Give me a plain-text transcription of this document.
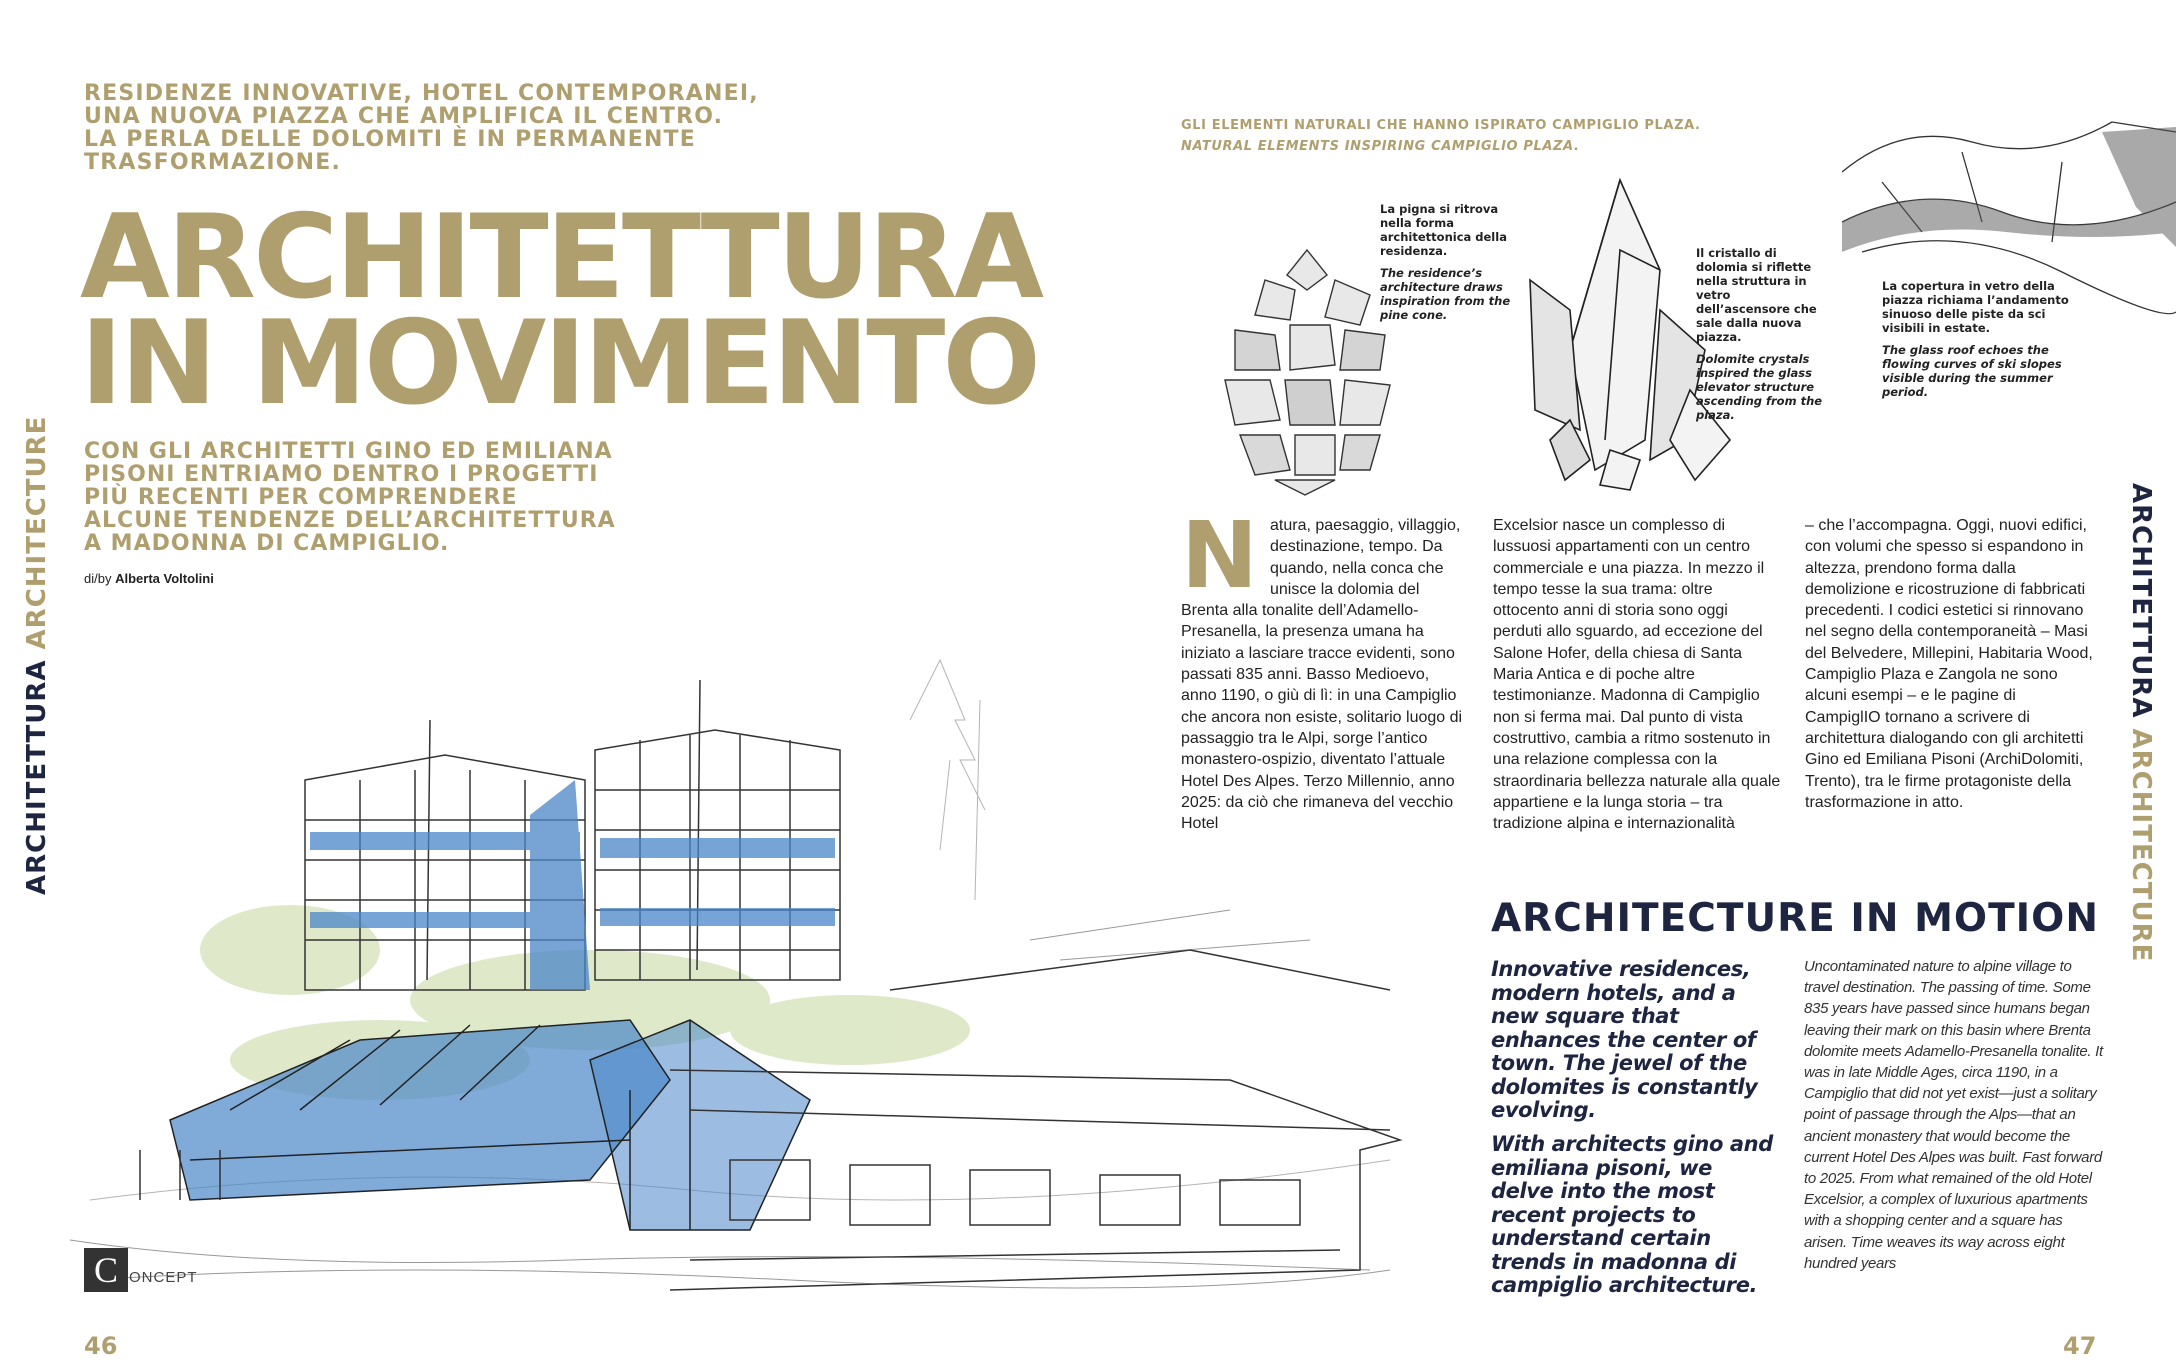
RESIDENZE INNOVATIVE, HOTEL CONTEMPORANEI,
UNA NUOVA PIAZZA CHE AMPLIFICA IL CENTRO.
LA PERLA DELLE DOLOMITI È IN PERMANENTE
TRASFORMAZIONE.
ARCHITETTURA
IN MOVIMENTO
CON GLI ARCHITETTI GINO ED EMILIANA
PISONI ENTRIAMO DENTRO I PROGETTI
PIÙ RECENTI PER COMPRENDERE
ALCUNE TENDENZE DELL’ARCHITETTURA
A MADONNA DI CAMPIGLIO.
di/by Alberta Voltolini
ARCHITETTURA ARCHITECTURE
C ONCEPT
46
GLI ELEMENTI NATURALI CHE HANNO ISPIRATO CAMPIGLIO PLAZA.
NATURAL ELEMENTS INSPIRING CAMPIGLIO PLAZA.
La pigna si ritrova nella forma architettonica della residenza.
The residence’s architecture draws inspiration from the pine cone.
Il cristallo di dolomia si riflette nella struttura in vetro dell’ascensore che sale dalla nuova piazza.
Dolomite crystals inspired the glass elevator structure ascending from the plaza.
La copertura in vetro della piazza richiama l’andamento sinuoso delle piste da sci visibili in estate.
The glass roof echoes the flowing curves of ski slopes visible during the summer period.
N atura, paesaggio, villaggio, destinazione, tempo. Da quando, nella conca che unisce la dolomia del Brenta alla tonalite dell’Adamello-Presanella, la presenza umana ha iniziato a lasciare tracce evidenti, sono passati 835 anni. Basso Medioevo, anno 1190, o giù di lì: in una Campiglio che ancora non esiste, solitario luogo di passaggio tra le Alpi, sorge l’antico monastero-ospizio, diventato l’attuale Hotel Des Alpes. Terzo Millennio, anno 2025: da ciò che rimaneva del vecchio Hotel
Excelsior nasce un complesso di lussuosi appartamenti con un centro commerciale e una piazza. In mezzo il tempo tesse la sua trama: oltre ottocento anni di storia sono oggi perduti allo sguardo, ad eccezione del Salone Hofer, della chiesa di Santa Maria Antica e di poche altre testimonianze. Madonna di Campiglio non si ferma mai. Dal punto di vista costruttivo, cambia a ritmo sostenuto in una relazione complessa con la straordinaria bellezza naturale alla quale appartiene e la lunga storia – tra tradizione alpina e internazionalità
– che l’accompagna. Oggi, nuovi edifici, con volumi che spesso si espandono in altezza, prendono forma dalla demolizione e ricostruzione di fabbricati precedenti. I codici estetici si rinnovano nel segno della contemporaneità – Masi del Belvedere, Millepini, Habitaria Wood, Campiglio Plaza e Zangola ne sono alcuni esempi – e le pagine di CampiglIO tornano a scrivere di architettura dialogando con gli architetti Gino ed Emiliana Pisoni (ArchiDolomiti, Trento), tra le firme protagoniste della trasformazione in atto.
ARCHITECTURE IN MOTION
Innovative residences, modern hotels, and a new square that enhances the center of town. The jewel of the dolomites is constantly evolving.
With architects gino and emiliana pisoni, we delve into the most recent projects to understand certain trends in madonna di campiglio architecture.
Uncontaminated nature to alpine village to travel destination. The passing of time. Some 835 years have passed since humans began leaving their mark on this basin where Brenta dolomite meets Adamello-Presanella tonalite. It was in late Middle Ages, circa 1190, in a Campiglio that did not yet exist—just a solitary point of passage through the Alps—that an ancient monastery that would become the current Hotel Des Alpes was built. Fast forward to 2025. From what remained of the old Hotel Excelsior, a complex of luxurious apartments with a shopping center and a square has arisen. Time weaves its way across eight hundred years
ARCHITETTURA ARCHITECTURE
47
